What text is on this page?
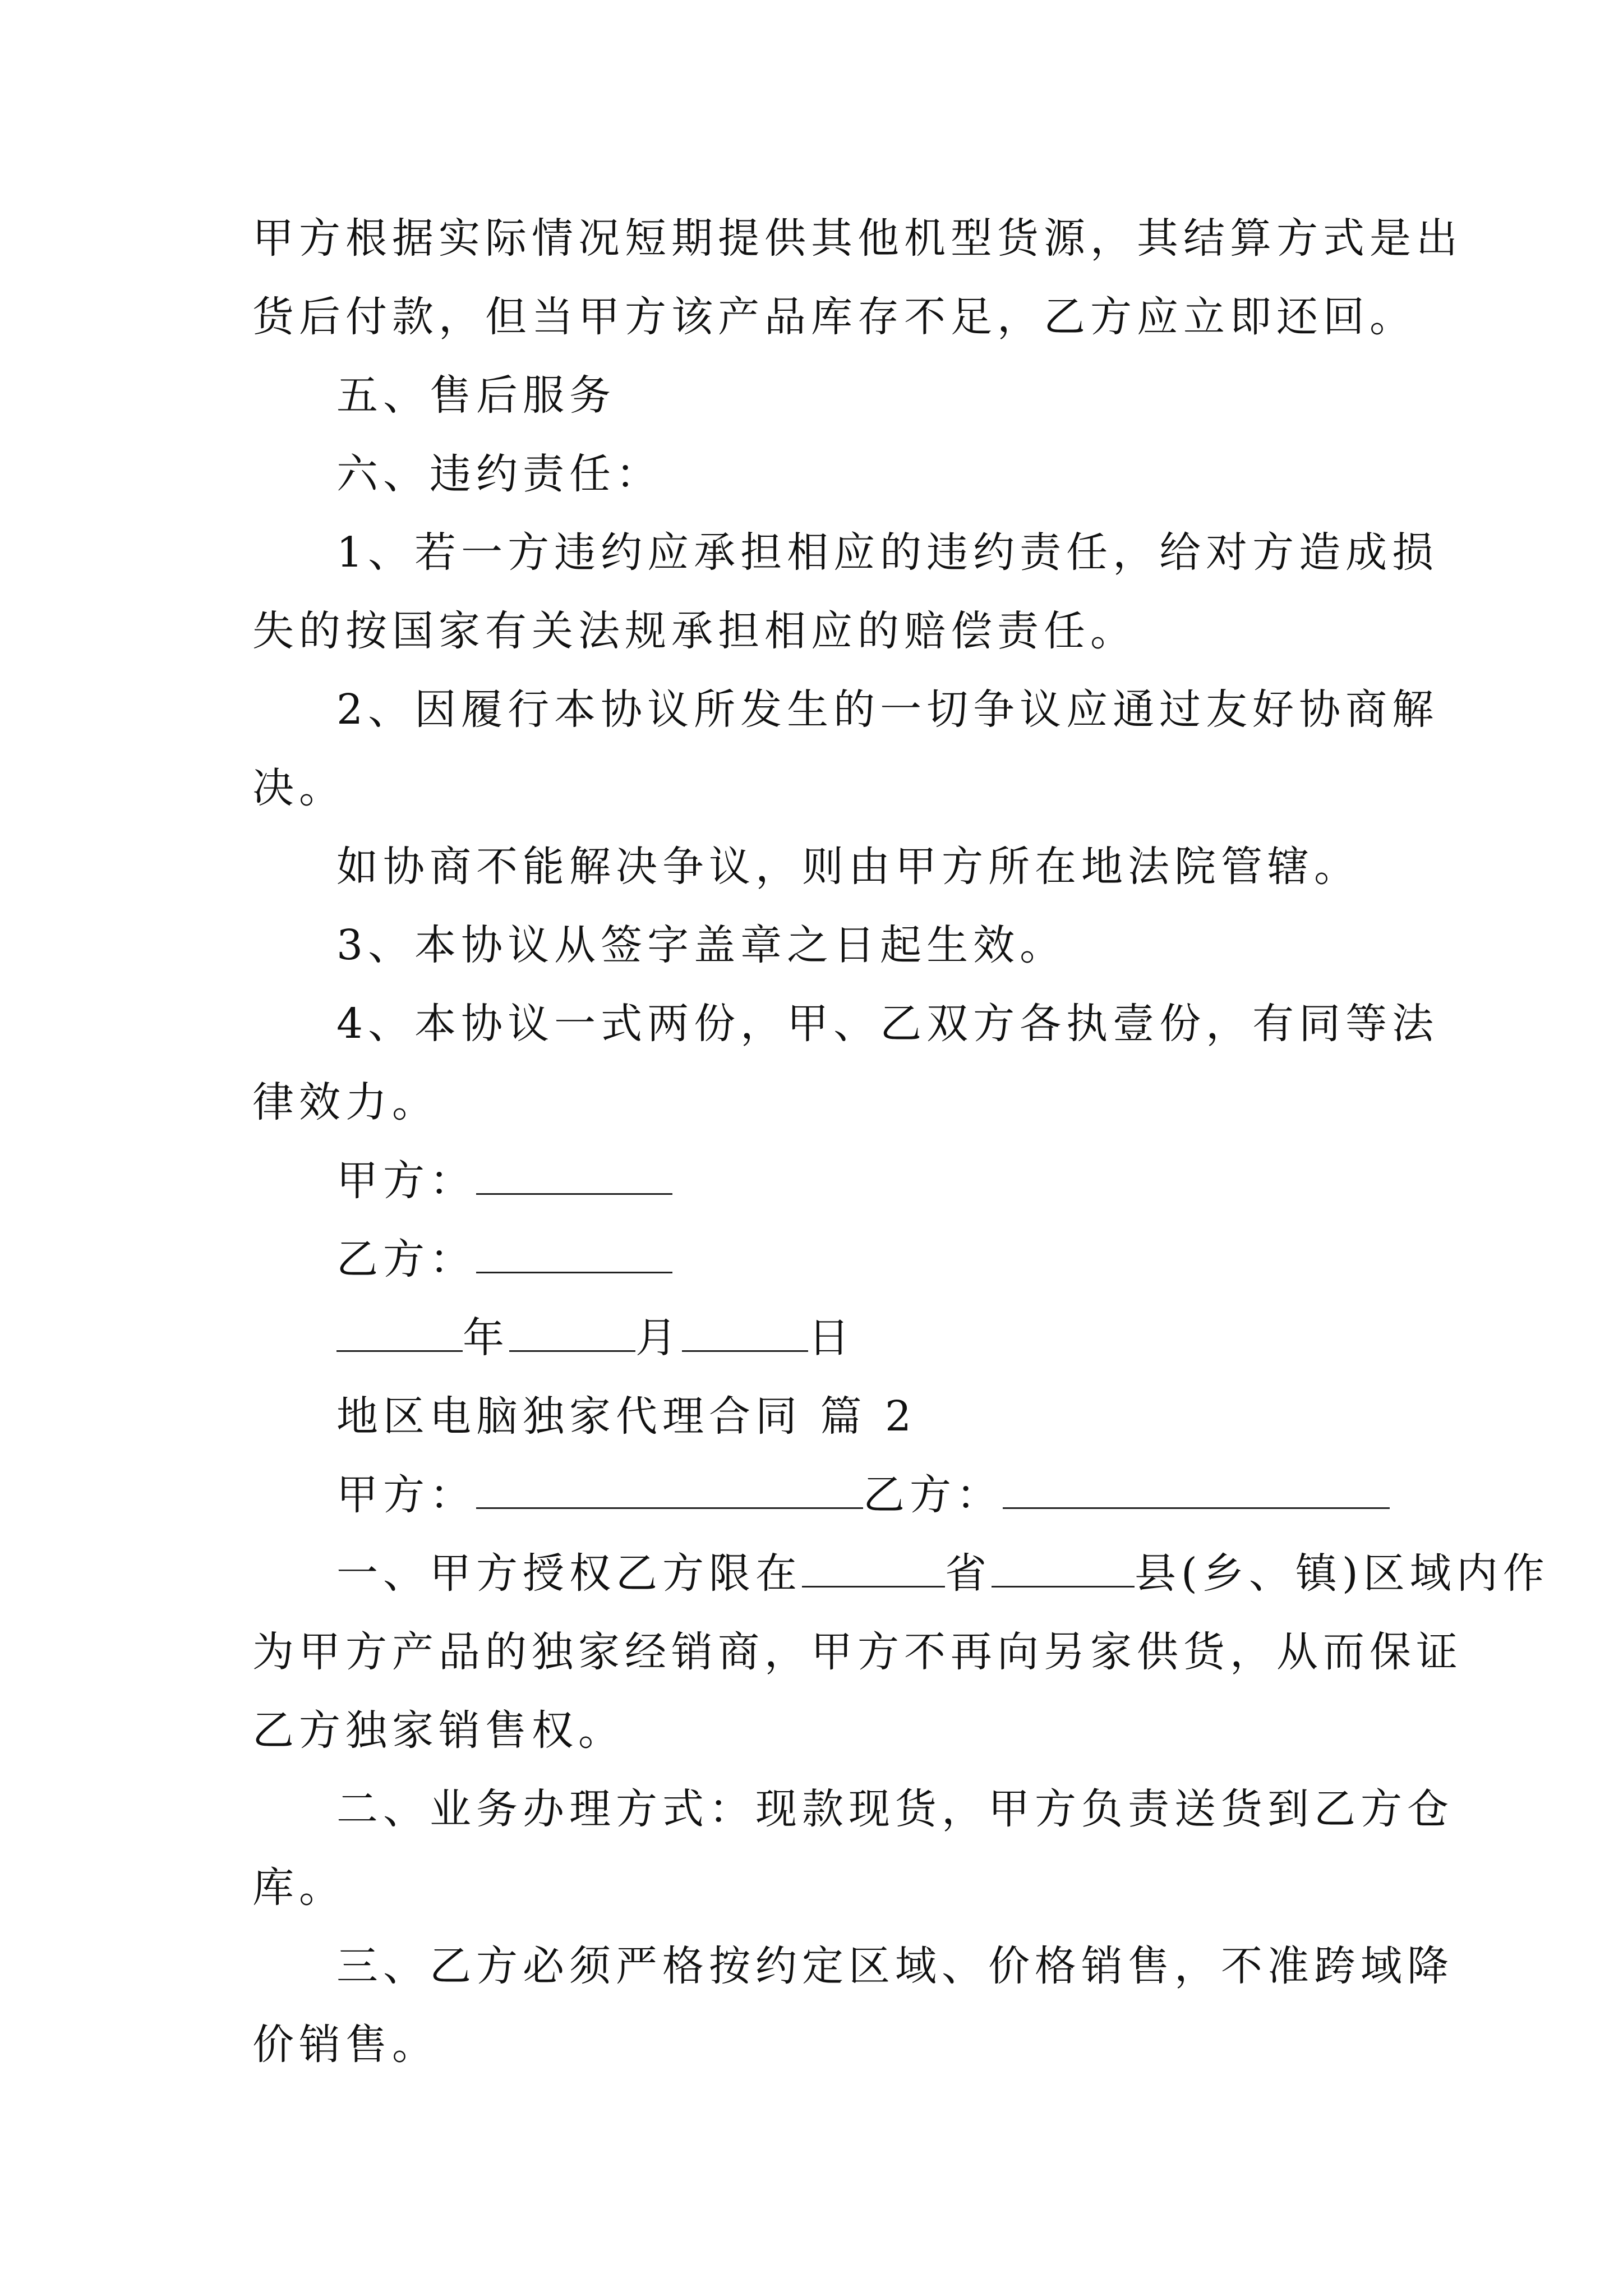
甲方根据实际情况短期提供其他机型货源，其结算方式是出
货后付款，但当甲方该产品库存不足，乙方应立即还回。
五、售后服务
六、违约责任：
1、若一方违约应承担相应的违约责任，给对方造成损
失的按国家有关法规承担相应的赔偿责任。
2、因履行本协议所发生的一切争议应通过友好协商解
决。
如协商不能解决争议，则由甲方所在地法院管辖。
3、本协议从签字盖章之日起生效。
4、本协议一式两份，甲、乙双方各执壹份，有同等法
律效力。
甲方：
乙方：
年	月	日
地区电脑独家代理合同 篇 2
甲方：	乙方：
一、甲方授权乙方限在	省	县(乡、镇)区域内作
为甲方产品的独家经销商，甲方不再向另家供货，从而保证
乙方独家销售权。
二、业务办理方式：现款现货，甲方负责送货到乙方仓
库。
三、乙方必须严格按约定区域、价格销售，不准跨域降
价销售。
